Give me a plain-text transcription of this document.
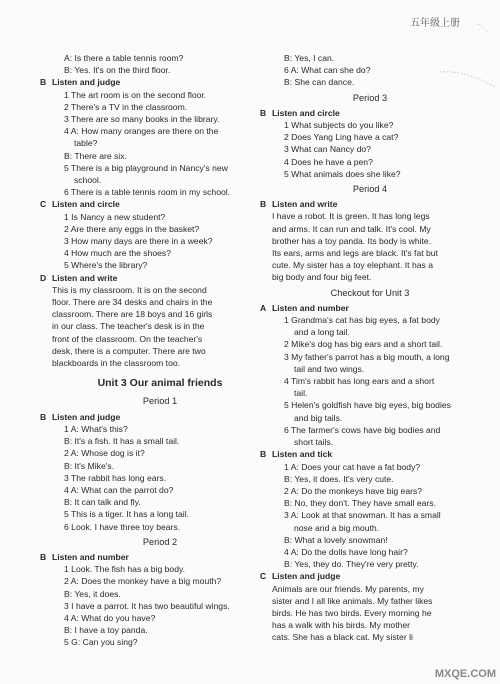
五年级上册
A: Is there a table tennis room?
B: Yes. It's on the third floor.
B Listen and judge
1 The art room is on the second floor.
2 There's a TV in the classroom.
3 There are so many books in the library.
4 A: How many oranges are there on the
table?
B: There are six.
5 There is a big playground in Nancy's new
school.
6 There is a table tennis room in my school.
C Listen and circle
1 Is Nancy a new student?
2 Are there any eggs in the basket?
3 How many days are there in a week?
4 How much are the shoes?
5 Where's the library?
D Listen and write
This is my classroom. It is on the second
floor. There are 34 desks and chairs in the
classroom. There are 18 boys and 16 girls
in our class. The teacher's desk is in the
front of the classroom. On the teacher's
desk, there is a computer. There are two
blackboards in the classroom too.
Unit 3 Our animal friends
Period 1
B Listen and judge
1 A: What's this?
B: It's a fish. It has a small tail.
2 A: Whose dog is it?
B: It's Mike's.
3 The rabbit has long ears.
4 A: What can the parrot do?
B: It can talk and fly.
5 This is a tiger. It has a long tail.
6 Look. I have three toy bears.
Period 2
B Listen and number
1 Look. The fish has a big body.
2 A: Does the monkey have a big mouth?
B: Yes, it does.
3 I have a parrot. It has two beautiful wings.
4 A: What do you have?
B: I have a toy panda.
5 G: Can you sing?
B: Yes, I can.
6 A: What can she do?
B: She can dance.
Period 3
B Listen and circle
1 What subjects do you like?
2 Does Yang Ling have a cat?
3 What can Nancy do?
4 Does he have a pen?
5 What animals does she like?
Period 4
B Listen and write
I have a robot. It is green. It has long legs
and arms. It can run and talk. It's cool. My
brother has a toy panda. Its body is white.
Its ears, arms and legs are black. It's fat but
cute. My sister has a toy elephant. It has a
big body and four big feet.
Checkout for Unit 3
A Listen and number
1 Grandma's cat has big eyes, a fat body
and a long tail.
2 Mike's dog has big ears and a short tail.
3 My father's parrot has a big mouth, a long
tail and two wings.
4 Tim's rabbit has long ears and a short
tail.
5 Helen's goldfish have big eyes, big bodies
and big tails.
6 The farmer's cows have big bodies and
short tails.
B Listen and tick
1 A: Does your cat have a fat body?
B: Yes, it does. It's very cute.
2 A: Do the monkeys have big ears?
B: No, they don't. They have small ears.
3 A: Look at that snowman. It has a small
nose and a big mouth.
B: What a lovely snowman!
4 A: Do the dolls have long hair?
B: Yes, they do. They're very pretty.
C Listen and judge
Animals are our friends. My parents, my
sister and I all like animals. My father likes
birds. He has two birds. Every morning he
has a walk with his birds. My mother
cats. She has a black cat. My sister li
MXQE.COM
